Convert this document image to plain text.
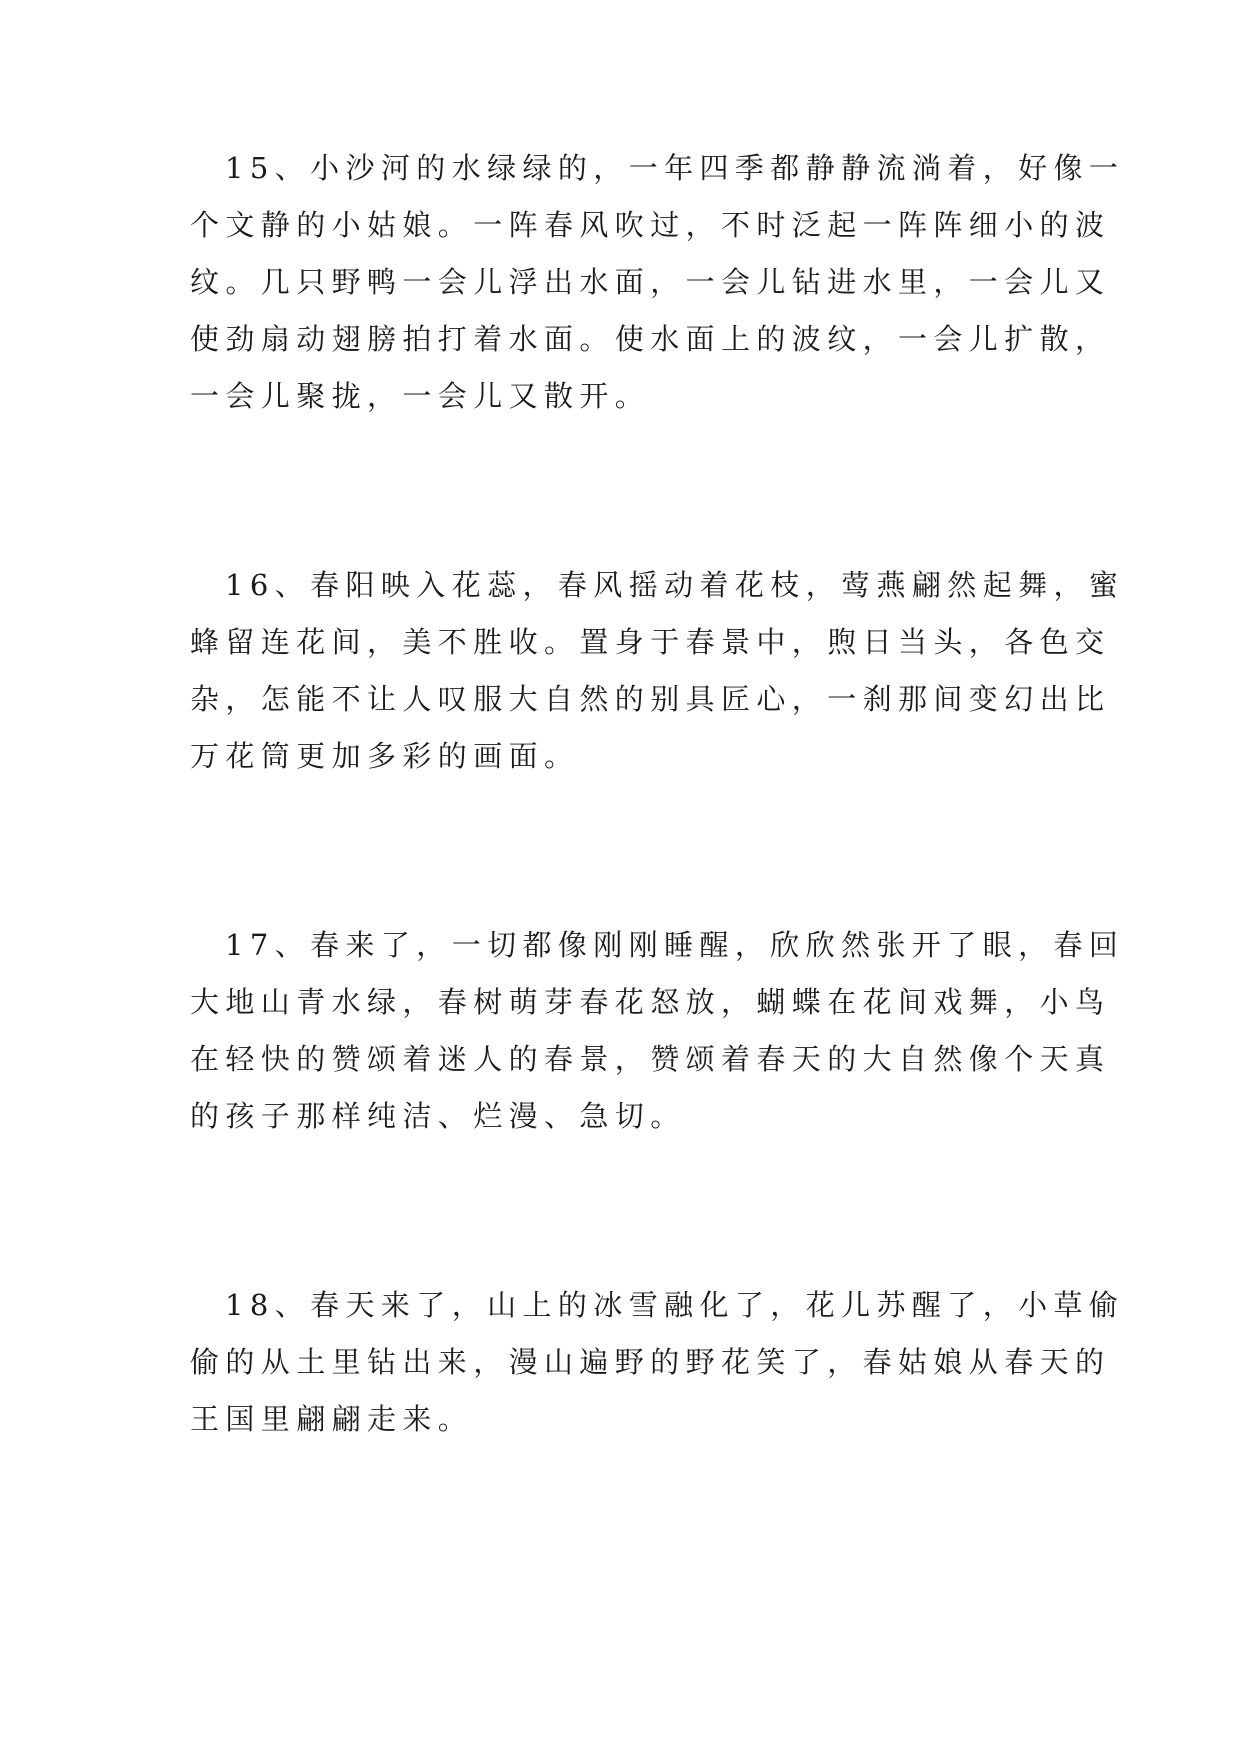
15、小沙河的水绿绿的，一年四季都静静流淌着，好像一
个文静的小姑娘。一阵春风吹过，不时泛起一阵阵细小的波
纹。几只野鸭一会儿浮出水面，一会儿钻进水里，一会儿又
使劲扇动翅膀拍打着水面。使水面上的波纹，一会儿扩散，
一会儿聚拢，一会儿又散开。
16、春阳映入花蕊，春风摇动着花枝，莺燕翩然起舞，蜜
蜂留连花间，美不胜收。置身于春景中，煦日当头，各色交
杂，怎能不让人叹服大自然的别具匠心，一刹那间变幻出比
万花筒更加多彩的画面。
17、春来了，一切都像刚刚睡醒，欣欣然张开了眼，春回
大地山青水绿，春树萌芽春花怒放，蝴蝶在花间戏舞，小鸟
在轻快的赞颂着迷人的春景，赞颂着春天的大自然像个天真
的孩子那样纯洁、烂漫、急切。
18、春天来了，山上的冰雪融化了，花儿苏醒了，小草偷
偷的从土里钻出来，漫山遍野的野花笑了，春姑娘从春天的
王国里翩翩走来。
